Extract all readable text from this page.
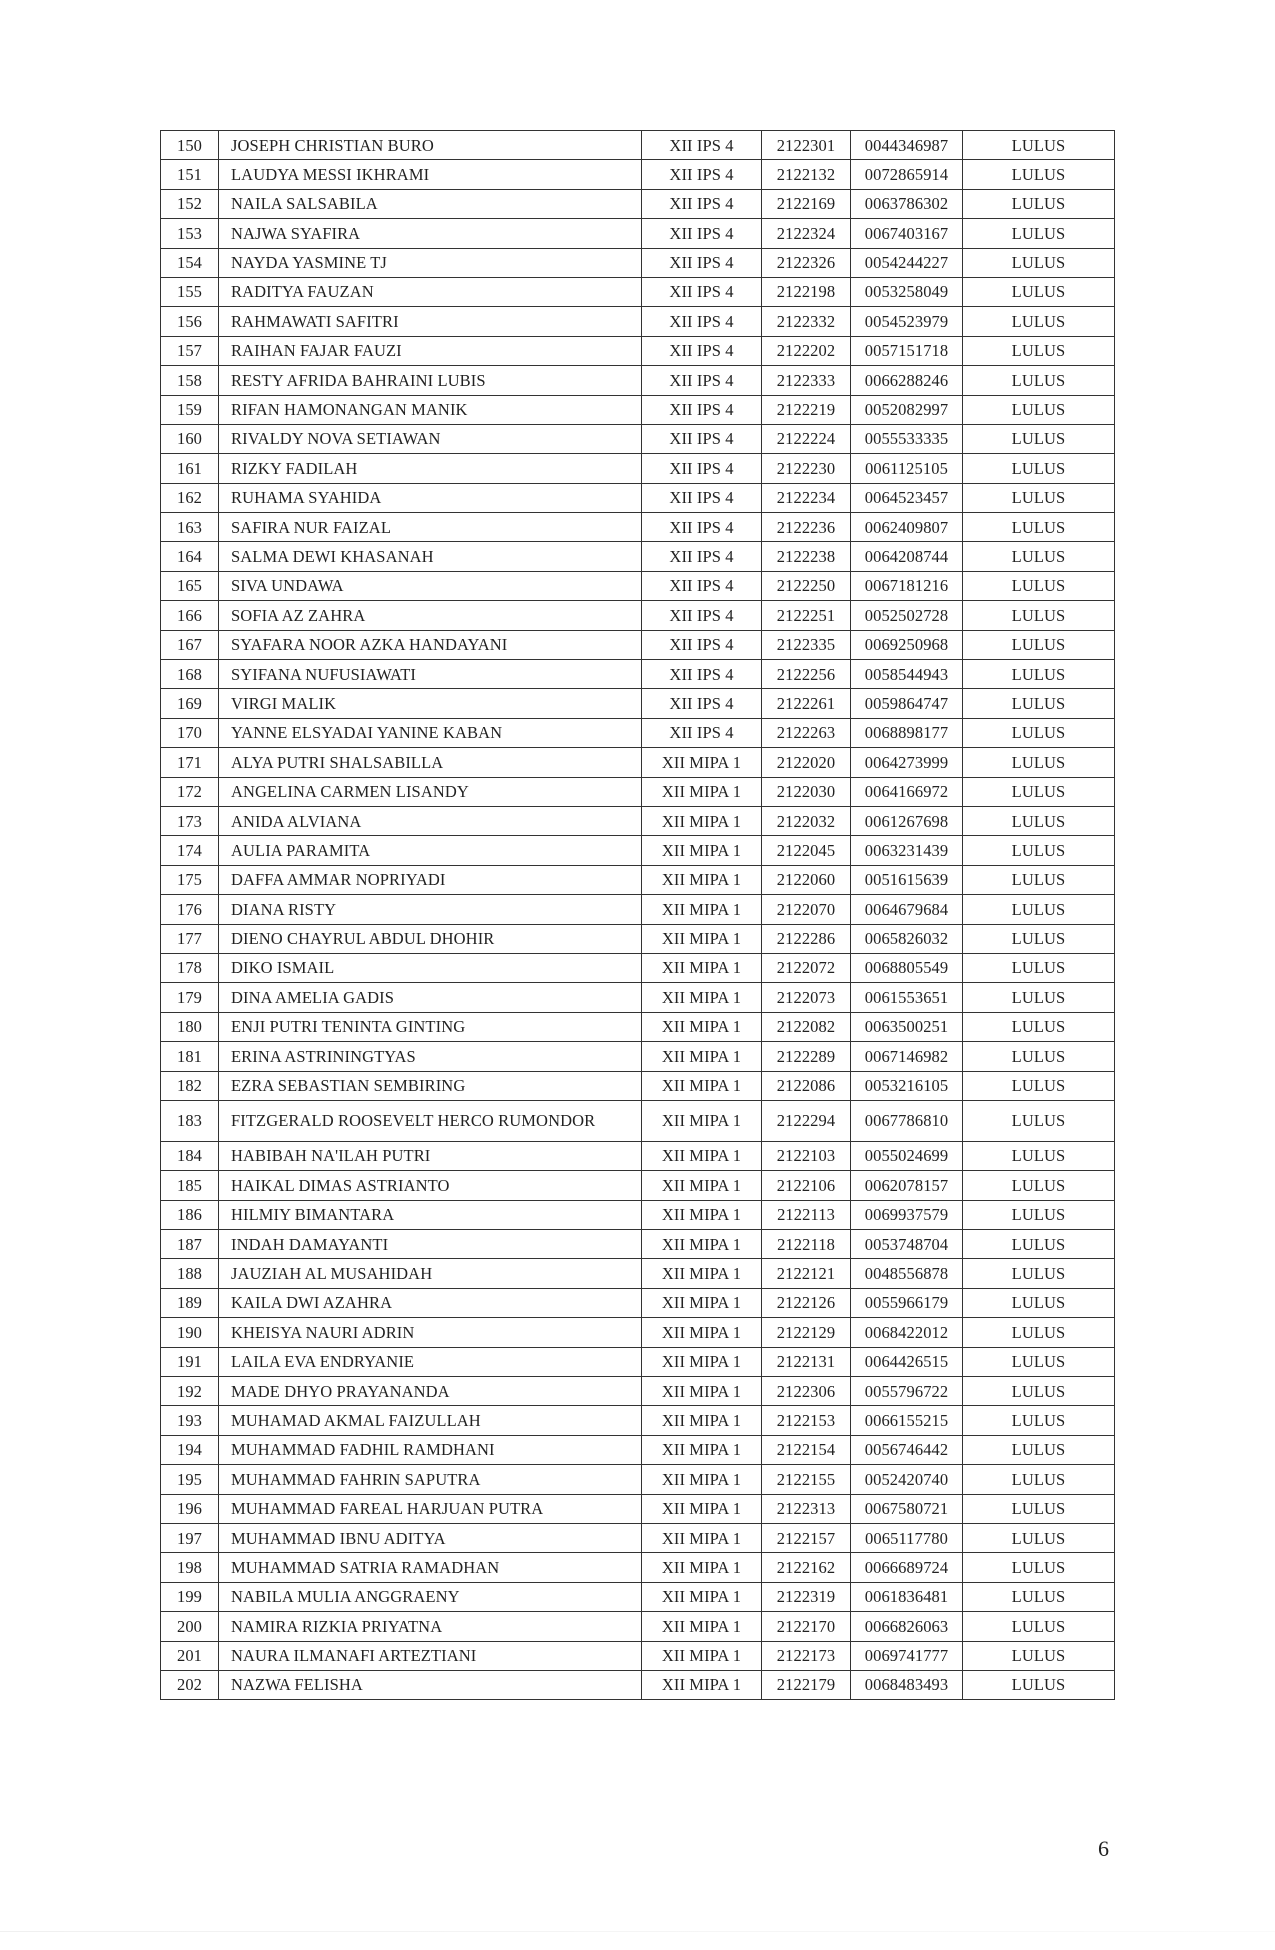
150	JOSEPH CHRISTIAN BURO	XII IPS 4	2122301	0044346987	LULUS
151	LAUDYA MESSI IKHRAMI	XII IPS 4	2122132	0072865914	LULUS
152	NAILA SALSABILA	XII IPS 4	2122169	0063786302	LULUS
153	NAJWA SYAFIRA	XII IPS 4	2122324	0067403167	LULUS
154	NAYDA YASMINE TJ	XII IPS 4	2122326	0054244227	LULUS
155	RADITYA FAUZAN	XII IPS 4	2122198	0053258049	LULUS
156	RAHMAWATI SAFITRI	XII IPS 4	2122332	0054523979	LULUS
157	RAIHAN FAJAR FAUZI	XII IPS 4	2122202	0057151718	LULUS
158	RESTY AFRIDA BAHRAINI LUBIS	XII IPS 4	2122333	0066288246	LULUS
159	RIFAN HAMONANGAN MANIK	XII IPS 4	2122219	0052082997	LULUS
160	RIVALDY NOVA SETIAWAN	XII IPS 4	2122224	0055533335	LULUS
161	RIZKY FADILAH	XII IPS 4	2122230	0061125105	LULUS
162	RUHAMA SYAHIDA	XII IPS 4	2122234	0064523457	LULUS
163	SAFIRA NUR FAIZAL	XII IPS 4	2122236	0062409807	LULUS
164	SALMA DEWI KHASANAH	XII IPS 4	2122238	0064208744	LULUS
165	SIVA UNDAWA	XII IPS 4	2122250	0067181216	LULUS
166	SOFIA AZ ZAHRA	XII IPS 4	2122251	0052502728	LULUS
167	SYAFARA NOOR AZKA HANDAYANI	XII IPS 4	2122335	0069250968	LULUS
168	SYIFANA NUFUSIAWATI	XII IPS 4	2122256	0058544943	LULUS
169	VIRGI MALIK	XII IPS 4	2122261	0059864747	LULUS
170	YANNE ELSYADAI YANINE KABAN	XII IPS 4	2122263	0068898177	LULUS
171	ALYA PUTRI SHALSABILLA	XII MIPA 1	2122020	0064273999	LULUS
172	ANGELINA CARMEN LISANDY	XII MIPA 1	2122030	0064166972	LULUS
173	ANIDA ALVIANA	XII MIPA 1	2122032	0061267698	LULUS
174	AULIA PARAMITA	XII MIPA 1	2122045	0063231439	LULUS
175	DAFFA AMMAR NOPRIYADI	XII MIPA 1	2122060	0051615639	LULUS
176	DIANA RISTY	XII MIPA 1	2122070	0064679684	LULUS
177	DIENO CHAYRUL ABDUL DHOHIR	XII MIPA 1	2122286	0065826032	LULUS
178	DIKO ISMAIL	XII MIPA 1	2122072	0068805549	LULUS
179	DINA AMELIA GADIS	XII MIPA 1	2122073	0061553651	LULUS
180	ENJI PUTRI TENINTA GINTING	XII MIPA 1	2122082	0063500251	LULUS
181	ERINA ASTRININGTYAS	XII MIPA 1	2122289	0067146982	LULUS
182	EZRA SEBASTIAN SEMBIRING	XII MIPA 1	2122086	0053216105	LULUS
183	FITZGERALD ROOSEVELT HERCO RUMONDOR	XII MIPA 1	2122294	0067786810	LULUS
184	HABIBAH NA'ILAH PUTRI	XII MIPA 1	2122103	0055024699	LULUS
185	HAIKAL DIMAS ASTRIANTO	XII MIPA 1	2122106	0062078157	LULUS
186	HILMIY BIMANTARA	XII MIPA 1	2122113	0069937579	LULUS
187	INDAH DAMAYANTI	XII MIPA 1	2122118	0053748704	LULUS
188	JAUZIAH AL MUSAHIDAH	XII MIPA 1	2122121	0048556878	LULUS
189	KAILA DWI AZAHRA	XII MIPA 1	2122126	0055966179	LULUS
190	KHEISYA NAURI ADRIN	XII MIPA 1	2122129	0068422012	LULUS
191	LAILA EVA ENDRYANIE	XII MIPA 1	2122131	0064426515	LULUS
192	MADE DHYO PRAYANANDA	XII MIPA 1	2122306	0055796722	LULUS
193	MUHAMAD AKMAL FAIZULLAH	XII MIPA 1	2122153	0066155215	LULUS
194	MUHAMMAD FADHIL RAMDHANI	XII MIPA 1	2122154	0056746442	LULUS
195	MUHAMMAD FAHRIN SAPUTRA	XII MIPA 1	2122155	0052420740	LULUS
196	MUHAMMAD FAREAL HARJUAN PUTRA	XII MIPA 1	2122313	0067580721	LULUS
197	MUHAMMAD IBNU ADITYA	XII MIPA 1	2122157	0065117780	LULUS
198	MUHAMMAD SATRIA RAMADHAN	XII MIPA 1	2122162	0066689724	LULUS
199	NABILA MULIA ANGGRAENY	XII MIPA 1	2122319	0061836481	LULUS
200	NAMIRA RIZKIA PRIYATNA	XII MIPA 1	2122170	0066826063	LULUS
201	NAURA ILMANAFI ARTEZTIANI	XII MIPA 1	2122173	0069741777	LULUS
202	NAZWA FELISHA	XII MIPA 1	2122179	0068483493	LULUS
6
